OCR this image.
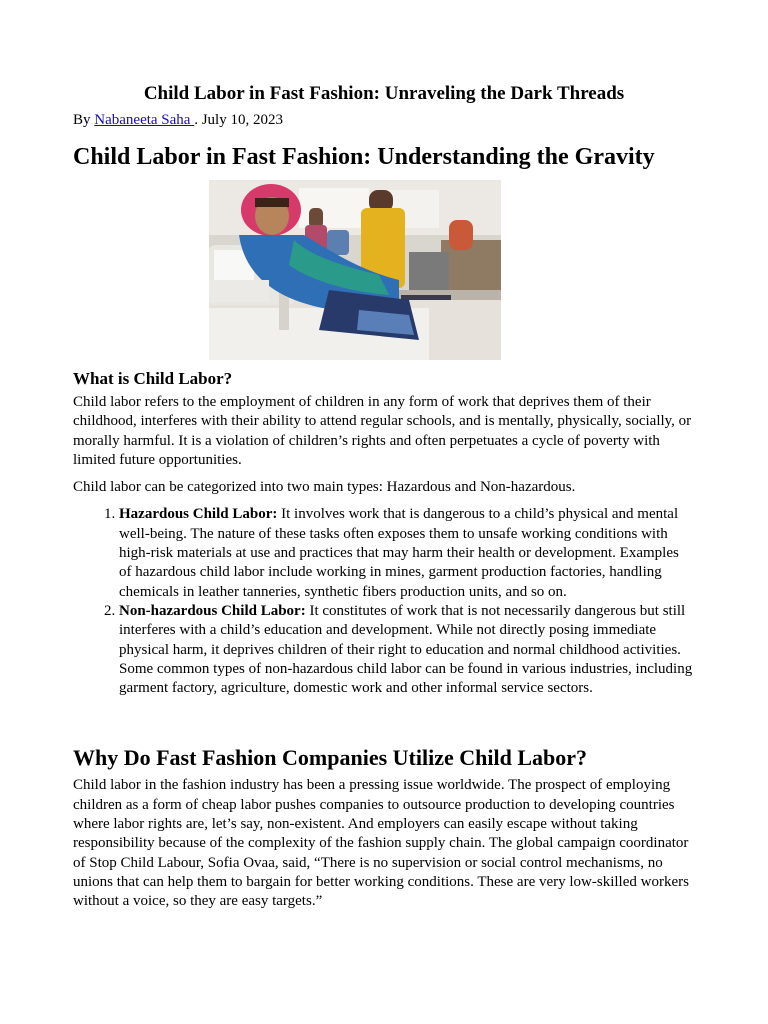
Child Labor in Fast Fashion: Unraveling the Dark Threads

By Nabaneeta Saha . July 10, 2023

Child Labor in Fast Fashion: Understanding the Gravity
What is Child Labor?

Child labor refers to the employment of children in any form of work that deprives them of their childhood, interferes with their ability to attend regular schools, and is mentally, physically, socially, or morally harmful. It is a violation of children’s rights and often perpetuates a cycle of poverty with limited future opportunities.

Child labor can be categorized into two main types: Hazardous and Non-hazardous.

1. Hazardous Child Labor: It involves work that is dangerous to a child’s physical and mental well-being. The nature of these tasks often exposes them to unsafe working conditions with high-risk materials at use and practices that may harm their health or development. Examples of hazardous child labor include working in mines, garment production factories, handling chemicals in leather tanneries, synthetic fibers production units, and so on.
2. Non-hazardous Child Labor: It constitutes of work that is not necessarily dangerous but still interferes with a child’s education and development. While not directly posing immediate physical harm, it deprives children of their right to education and normal childhood activities. Some common types of non-hazardous child labor can be found in various industries, including garment factory, agriculture, domestic work and other informal service sectors.
Why Do Fast Fashion Companies Utilize Child Labor?

Child labor in the fashion industry has been a pressing issue worldwide. The prospect of employing children as a form of cheap labor pushes companies to outsource production to developing countries where labor rights are, let’s say, non-existent. And employers can easily escape without taking responsibility because of the complexity of the fashion supply chain. The global campaign coordinator of Stop Child Labour, Sofia Ovaa, said, “There is no supervision or social control mechanisms, no unions that can help them to bargain for better working conditions. These are very low-skilled workers without a voice, so they are easy targets.”
